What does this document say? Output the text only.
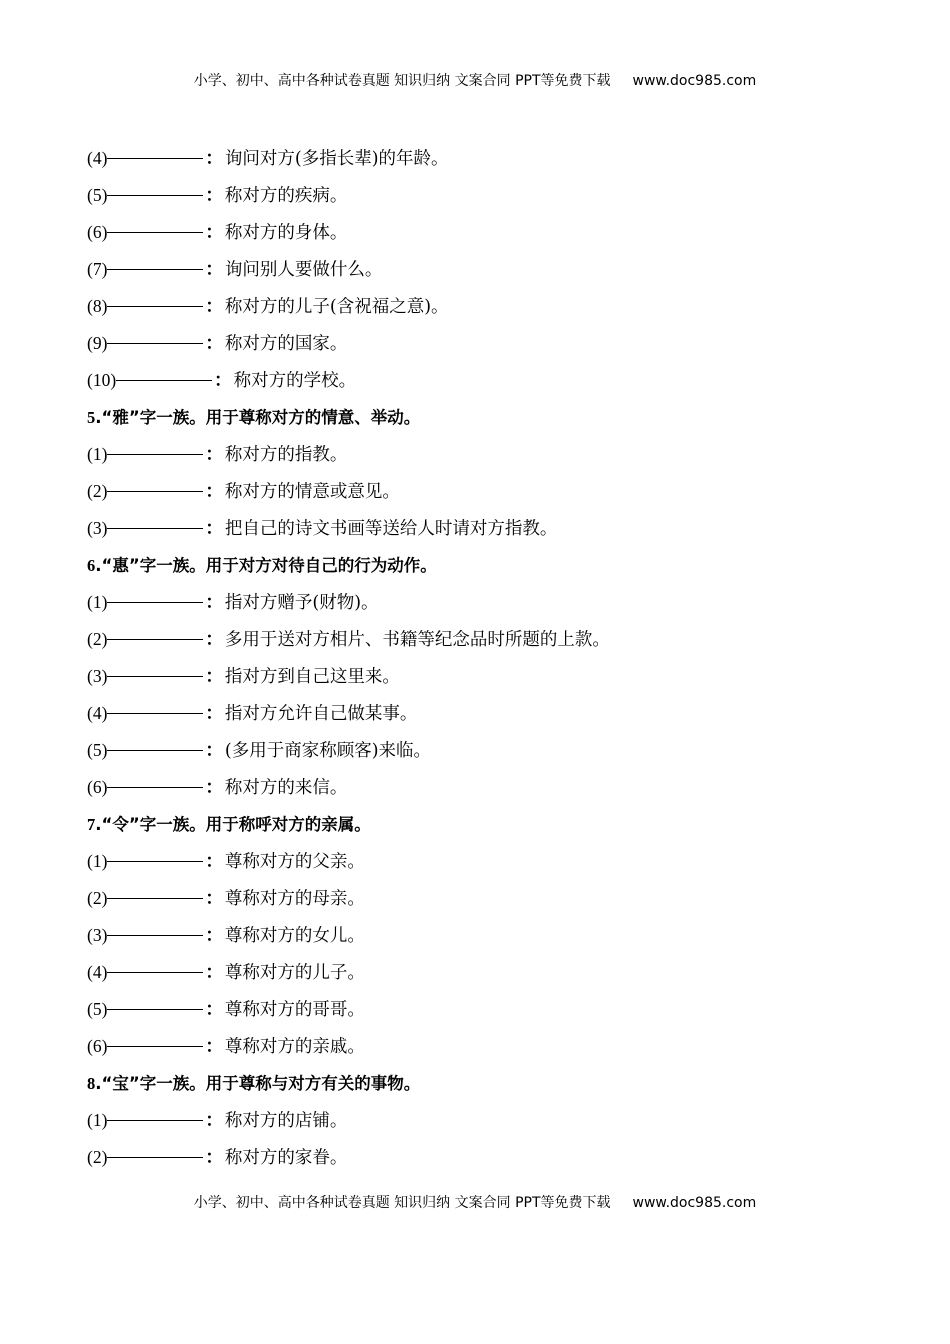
小学、初中、高中各种试卷真题 知识归纳 文案合同 PPT等免费下载 www.doc985.com
(4)	： 询问对方(多指长辈)的年龄。
(5)	： 称对方的疾病。
(6)	： 称对方的身体。
(7)	： 询问别人要做什么。
(8)	： 称对方的儿子(含祝福之意)。
(9)	： 称对方的国家。
(10)	： 称对方的学校。
5.“雅”字一族。用于尊称对方的情意、举动。
(1)	： 称对方的指教。
(2)	： 称对方的情意或意见。
(3)	： 把自己的诗文书画等送给人时请对方指教。
6.“惠”字一族。用于对方对待自己的行为动作。
(1)	： 指对方赠予(财物)。
(2)	： 多用于送对方相片、书籍等纪念品时所题的上款。
(3)	： 指对方到自己这里来。
(4)	： 指对方允许自己做某事。
(5)	： (多用于商家称顾客)来临。
(6)	： 称对方的来信。
7.“令”字一族。用于称呼对方的亲属。
(1)	： 尊称对方的父亲。
(2)	： 尊称对方的母亲。
(3)	： 尊称对方的女儿。
(4)	： 尊称对方的儿子。
(5)	： 尊称对方的哥哥。
(6)	： 尊称对方的亲戚。
8.“宝”字一族。用于尊称与对方有关的事物。
(1)	： 称对方的店铺。
(2)	： 称对方的家眷。
小学、初中、高中各种试卷真题 知识归纳 文案合同 PPT等免费下载 www.doc985.com
